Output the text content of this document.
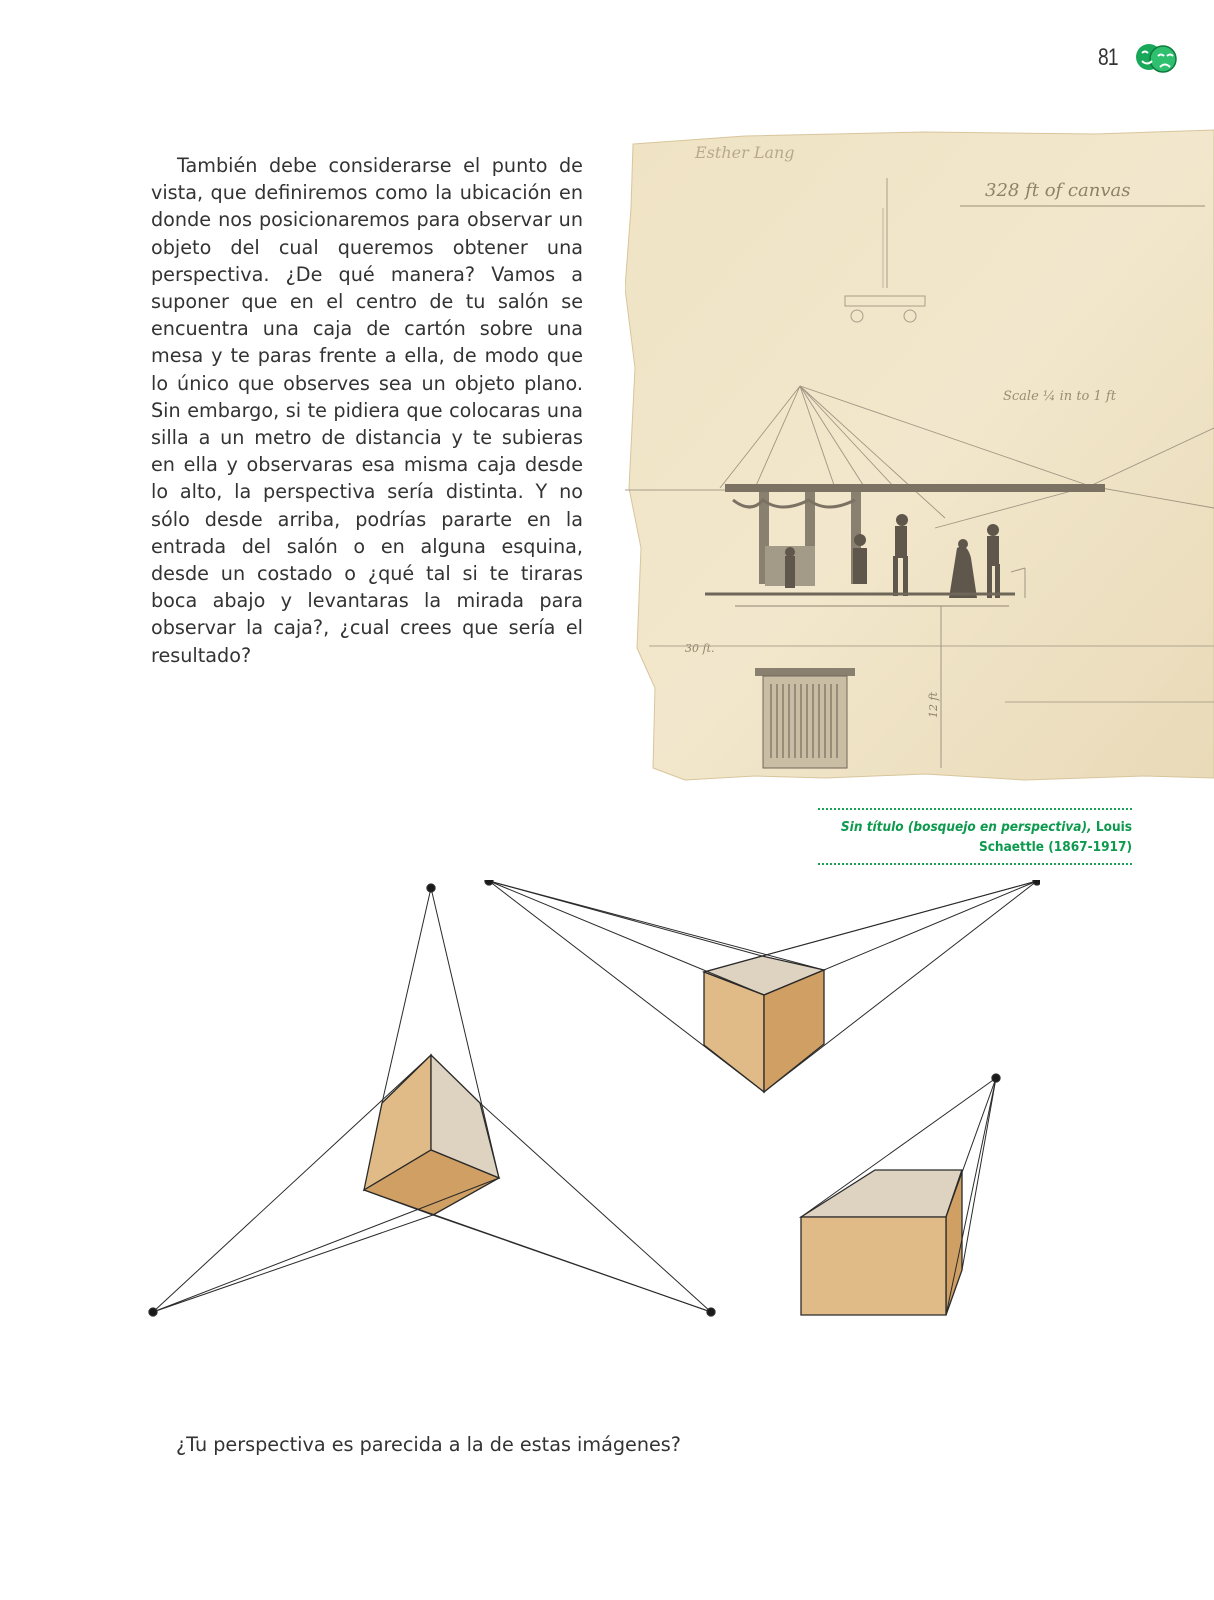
81

También debe considerarse el punto de vista, que definiremos como la ubicación en donde nos posicionaremos para observar un objeto del cual queremos obtener una perspectiva. ¿De qué manera? Vamos a suponer que en el centro de tu salón se encuentra una caja de cartón sobre una mesa y te paras frente a ella, de modo que lo único que observes sea un objeto plano. Sin embargo, si te pidiera que colocaras una silla a un metro de distancia y te subieras en ella y observaras esa misma caja desde lo alto, la perspectiva sería distinta. Y no sólo desde arriba, podrías pararte en la entrada del salón o en alguna esquina, desde un costado o ¿qué tal si te tiraras boca abajo y levantaras la mirada para observar la caja?, ¿cual crees que sería el resultado?

Esther Lang
328 ft of canvas
Scale ¼ in to 1 ft
30 ft.
12 ft
Sin título (bosquejo en perspectiva), Louis Schaettle (1867-1917)
¿Tu perspectiva es parecida a la de estas imágenes?
